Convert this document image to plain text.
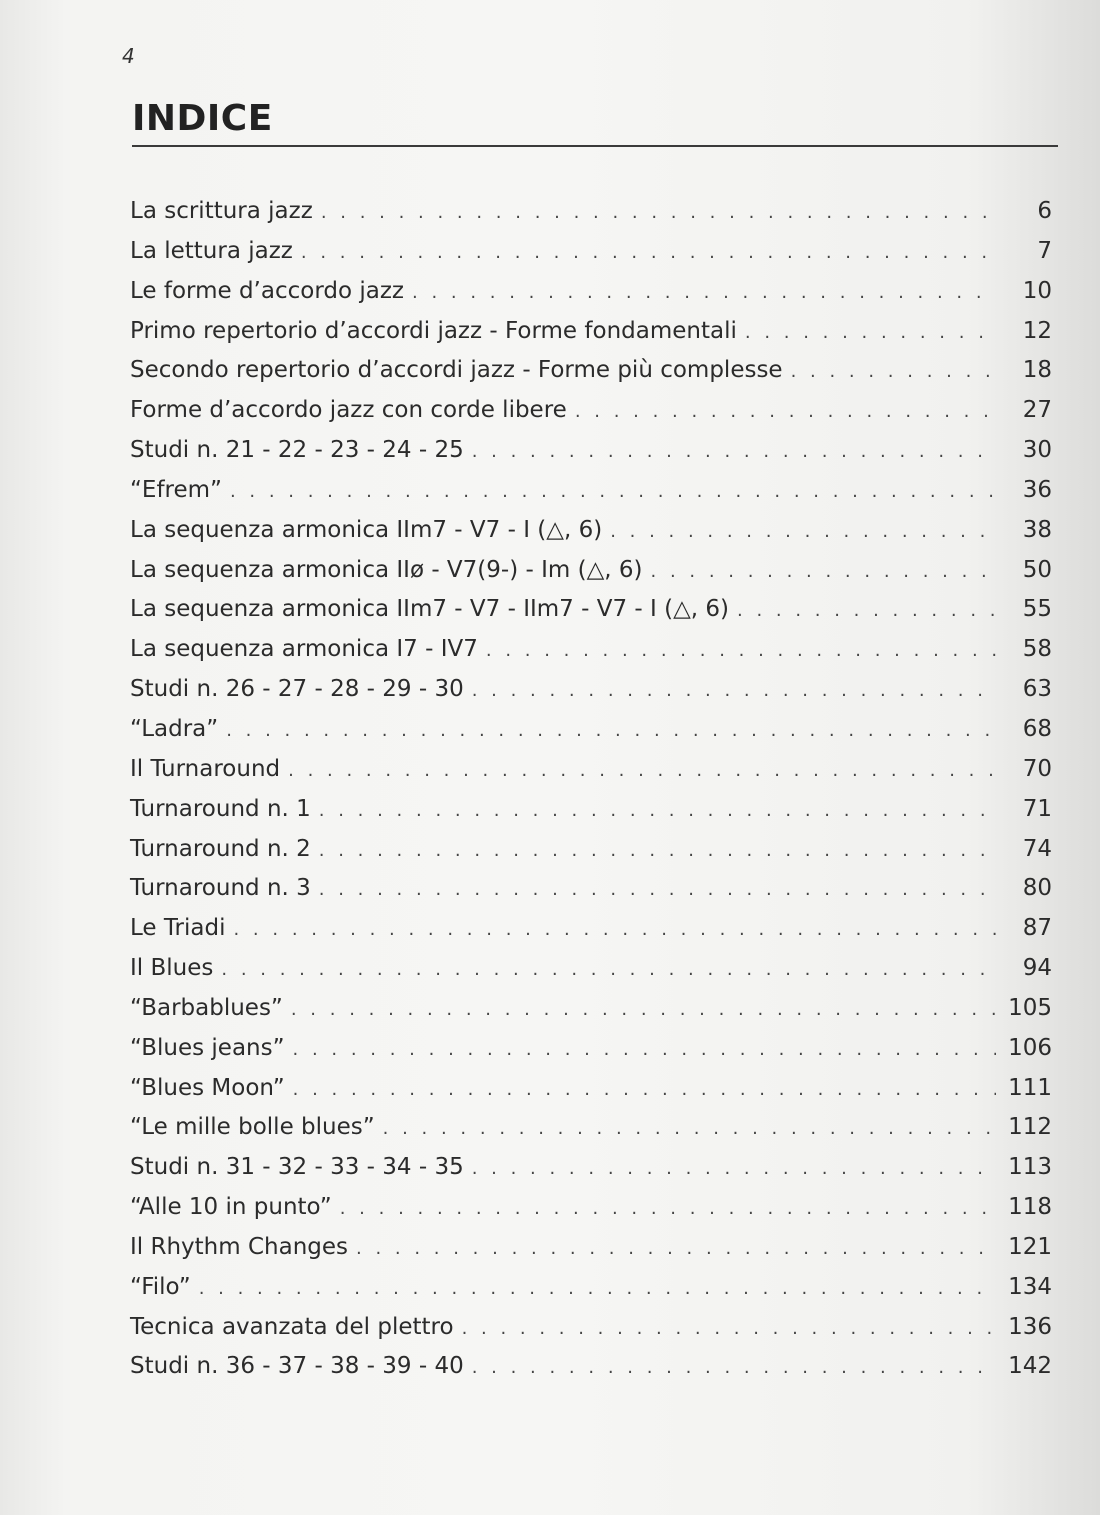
4
INDICE
La scrittura jazz . . .	6
La lettura jazz . . .	7
Le forme d’accordo jazz . . .	10
Primo repertorio d’accordi jazz - Forme fondamentali . . .	12
Secondo repertorio d’accordi jazz - Forme più complesse . . .	18
Forme d’accordo jazz con corde libere . . .	27
Studi n. 21 - 22 - 23 - 24 - 25 . . .	30
“Efrem” . . .	36
La sequenza armonica IIm7 - V7 - I (△, 6) . . .	38
La sequenza armonica IIø - V7(9-) - Im (△, 6) . . .	50
La sequenza armonica IIm7 - V7 - IIm7 - V7 - I (△, 6) . . .	55
La sequenza armonica I7 - IV7 . . .	58
Studi n. 26 - 27 - 28 - 29 - 30 . . .	63
“Ladra” . . .	68
Il Turnaround . . .	70
Turnaround n. 1 . . .	71
Turnaround n. 2 . . .	74
Turnaround n. 3 . . .	80
Le Triadi . . .	87
Il Blues . . .	94
“Barbablues” . . .	105
“Blues jeans” . . .	106
“Blues Moon” . . .	111
“Le mille bolle blues” . . .	112
Studi n. 31 - 32 - 33 - 34 - 35 . . .	113
“Alle 10 in punto” . . .	118
Il Rhythm Changes . . .	121
“Filo” . . .	134
Tecnica avanzata del plettro . . .	136
Studi n. 36 - 37 - 38 - 39 - 40 . . .	142
